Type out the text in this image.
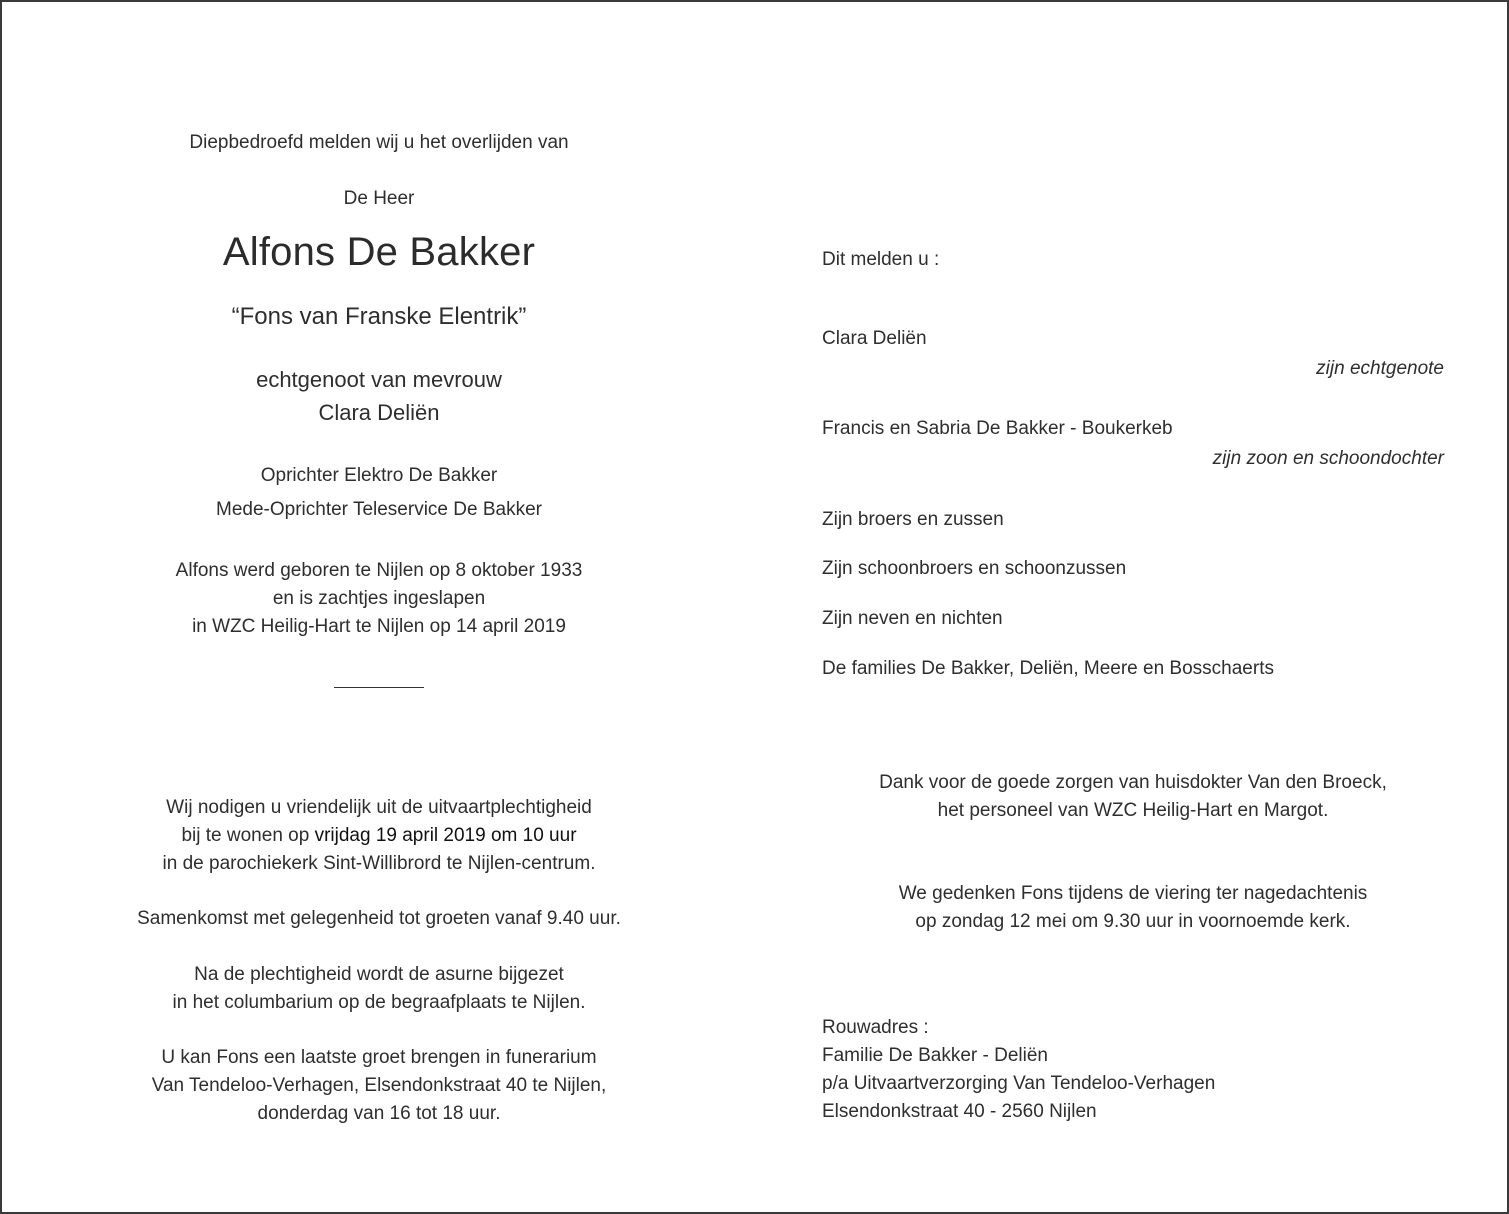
Diepbedroefd melden wij u het overlijden van
De Heer
Alfons De Bakker
“Fons van Franske Elentrik”
echtgenoot van mevrouw
Clara Deliën
Oprichter Elektro De Bakker
Mede-Oprichter Teleservice De Bakker
Alfons werd geboren te Nijlen op 8 oktober 1933
en is zachtjes ingeslapen
in WZC Heilig-Hart te Nijlen op 14 april 2019
Wij nodigen u vriendelijk uit de uitvaartplechtigheid
bij te wonen op vrijdag 19 april 2019 om 10 uur
in de parochiekerk Sint-Willibrord te Nijlen-centrum.
Samenkomst met gelegenheid tot groeten vanaf 9.40 uur.
Na de plechtigheid wordt de asurne bijgezet
in het columbarium op de begraafplaats te Nijlen.
U kan Fons een laatste groet brengen in funerarium
Van Tendeloo-Verhagen, Elsendonkstraat 40 te Nijlen,
donderdag van 16 tot 18 uur.
Dit melden u :
Clara Deliën
zijn echtgenote
Francis en Sabria De Bakker - Boukerkeb
zijn zoon en schoondochter
Zijn broers en zussen
Zijn schoonbroers en schoonzussen
Zijn neven en nichten
De families De Bakker, Deliën, Meere en Bosschaerts
Dank voor de goede zorgen van huisdokter Van den Broeck,
het personeel van WZC Heilig-Hart en Margot.
We gedenken Fons tijdens de viering ter nagedachtenis
op zondag 12 mei om 9.30 uur in voornoemde kerk.
Rouwadres :
Familie De Bakker - Deliën
p/a Uitvaartverzorging Van Tendeloo-Verhagen
Elsendonkstraat 40 - 2560 Nijlen
